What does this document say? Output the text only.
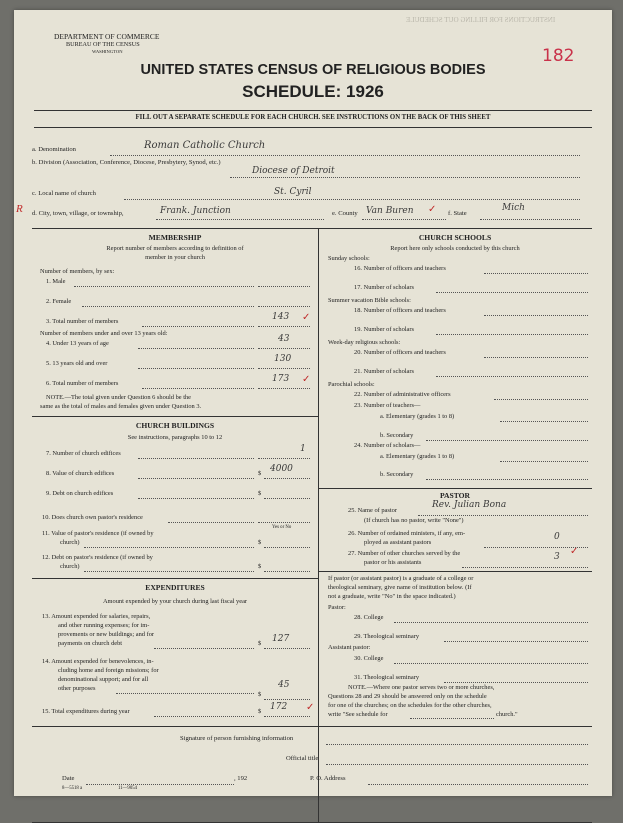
INSTRUCTIONS FOR FILLING OUT SCHEDULE
DEPARTMENT OF COMMERCE
BUREAU OF THE CENSUS
WASHINGTON	182
UNITED STATES CENSUS OF RELIGIOUS BODIES
SCHEDULE: 1926
FILL OUT A SEPARATE SCHEDULE FOR EACH CHURCH. SEE INSTRUCTIONS ON THE BACK OF THIS SHEET
a. Denomination	Roman Catholic Church
b. Division (Association, Conference, Diocese, Presbytery, Synod, etc.)
Diocese of Detroit
c. Local name of church	St. Cyril
R d. City, town, village, or township,	Frank. Junction	e. County Van Buren ✓ f. State
Mich
MEMBERSHIP
Report number of members according to definition of
member in your church
Number of members, by sex:
1. Male
2. Female
3. Total number of members	143 ✓
Number of members under and over 13 years old:
4. Under 13 years of age	43
5. 13 years old and over	130
6. Total number of members	173 ✓
NOTE.—The total given under Question 6 should be the
same as the total of males and females given under Question 3.
CHURCH BUILDINGS
See instructions, paragraphs 10 to 12
7. Number of church edifices	1
8. Value of church edifices	$ 4000
9. Debt on church edifices	$
10. Does church own pastor's residence
Yes or No
11. Value of pastor's residence (if owned by
church)	$
12. Debt on pastor's residence (if owned by
church)	$
EXPENDITURES
Amount expended by your church during last fiscal year
13. Amount expended for salaries, repairs,
and other running expenses; for im-
provements or new buildings; and for
payments on church debt	$ 127
14. Amount expended for benevolences, in-
cluding home and foreign missions; for
denominational support; and for all
other purposes
$
45
15. Total expenditures during year	$ 172 ✓
CHURCH SCHOOLS
Report here only schools conducted by this church
Sunday schools:
16. Number of officers and teachers
17. Number of scholars
Summer vacation Bible schools:
18. Number of officers and teachers
19. Number of scholars
Week-day religious schools:
20. Number of officers and teachers
21. Number of scholars
Parochial schools:
22. Number of administrative officers
23. Number of teachers—
a. Elementary (grades 1 to 8)
b. Secondary
24. Number of scholars—
a. Elementary (grades 1 to 8)
b. Secondary
PASTOR
25. Name of pastor
Rev. Julian Bona
(If church has no pastor, write "None")
26. Number of ordained ministers, if any, em-
ployed as assistant pastors
0
27. Number of other churches served by the
pastor or his assistants
3 ✓
If pastor (or assistant pastor) is a graduate of a college or
theological seminary, give name of institution below. (If
not a graduate, write "No" in the space indicated.)
Pastor:
28. College
29. Theological seminary
Assistant pastor:
30. College
31. Theological seminary
NOTE.—Where one pastor serves two or more churches,
Questions 28 and 29 should be answered only on the schedule
for one of the churches; on the schedules for the other churches,
write "See schedule for	church."
Signature of person furnishing information
Official title
Date	, 192	P. O. Address
8—5518 a	11—9054
